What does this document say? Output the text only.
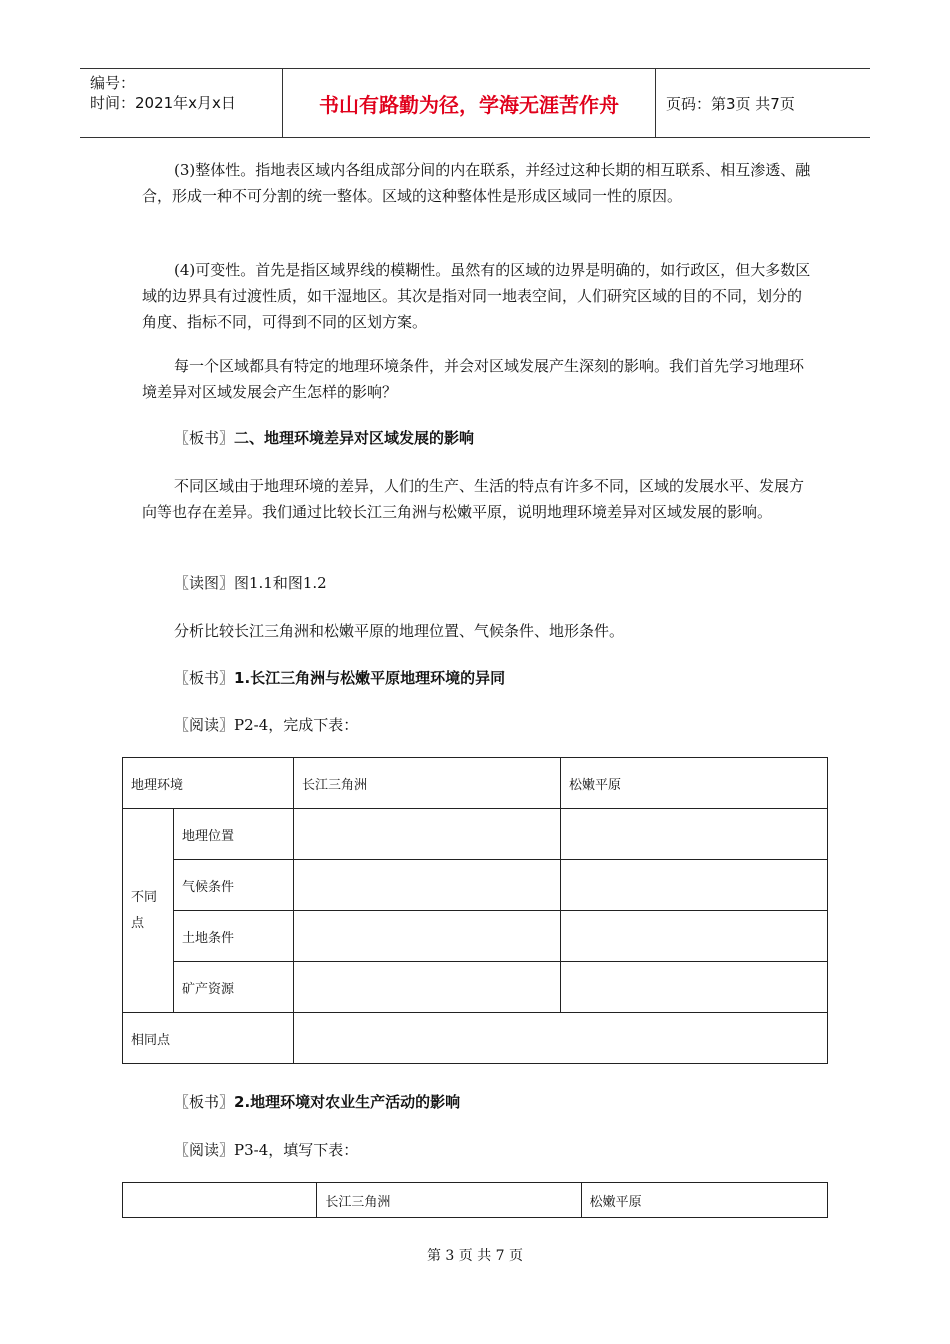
编号：
时间：2021年x月x日	书山有路勤为径，学海无涯苦作舟	页码：第3页 共7页

(3)整体性。指地表区域内各组成部分间的内在联系，并经过这种长期的相互联系、相互渗透、融合，形成一种不可分割的统一整体。区域的这种整体性是形成区域同一性的原因。

(4)可变性。首先是指区域界线的模糊性。虽然有的区域的边界是明确的，如行政区，但大多数区域的边界具有过渡性质，如干湿地区。其次是指对同一地表空间，人们研究区域的目的不同，划分的角度、指标不同，可得到不同的区划方案。

每一个区域都具有特定的地理环境条件，并会对区域发展产生深刻的影响。我们首先学习地理环境差异对区域发展会产生怎样的影响？

〖板书〗二、地理环境差异对区域发展的影响

不同区域由于地理环境的差异，人们的生产、生活的特点有许多不同，区域的发展水平、发展方向等也存在差异。我们通过比较长江三角洲与松嫩平原，说明地理环境差异对区域发展的影响。

〖读图〗图1.1和图1.2

分析比较长江三角洲和松嫩平原的地理位置、气候条件、地形条件。

〖板书〗1.长江三角洲与松嫩平原地理环境的异同

〖阅读〗P2-4，完成下表：

地理环境		长江三角洲	松嫩平原
不同点	地理位置		
	气候条件		
	土地条件		
	矿产资源		
相同点			

〖板书〗2.地理环境对农业生产活动的影响

〖阅读〗P3-4，填写下表：

	长江三角洲	松嫩平原
第 3 页 共 7 页
